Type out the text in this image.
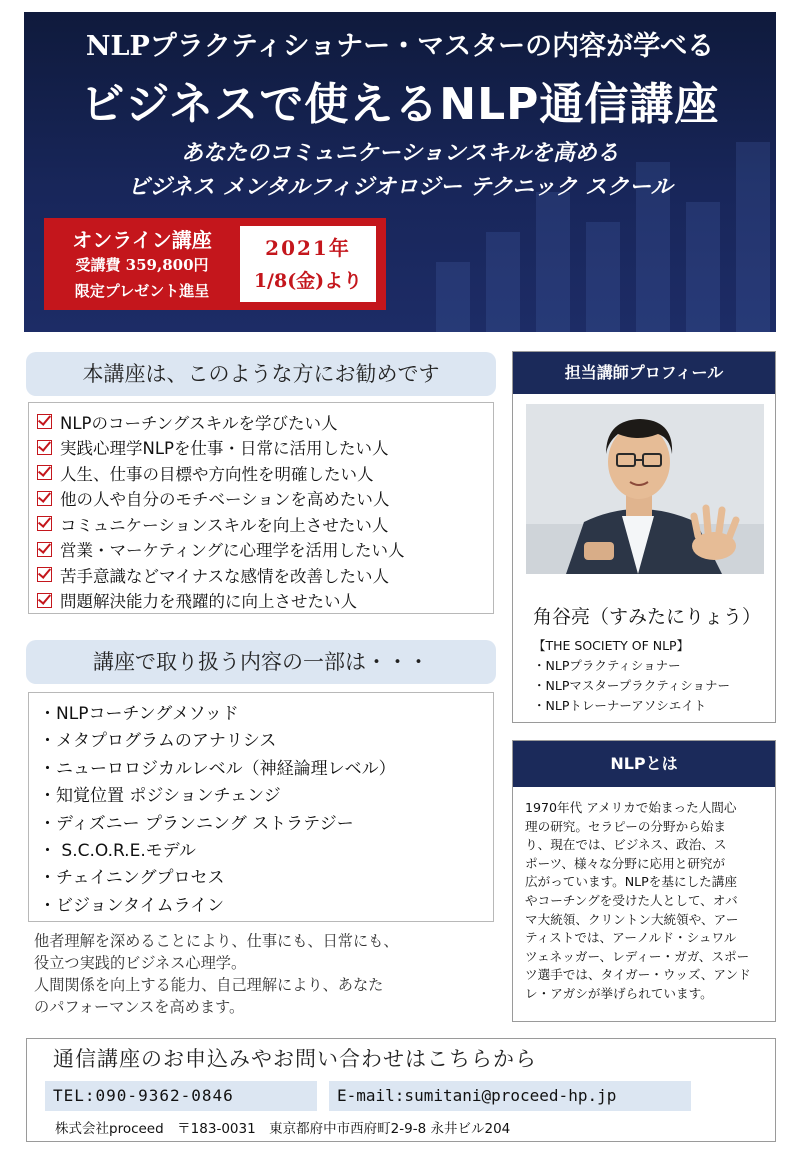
NLPプラクティショナー・マスターの内容が学べる
ビジネスで使えるNLP通信講座
あなたのコミュニケーションスキルを高める
ビジネス メンタルフィジオロジー テクニック スクール
オンライン講座
受講費 359,800円
限定プレゼント進呈
2021年
1/8(金)より
本講座は、このような方にお勧めです
NLPのコーチングスキルを学びたい人
実践心理学NLPを仕事・日常に活用したい人
人生、仕事の目標や方向性を明確したい人
他の人や自分のモチベーションを高めたい人
コミュニケーションスキルを向上させたい人
営業・マーケティングに心理学を活用したい人
苦手意識などマイナスな感情を改善したい人
問題解決能力を飛躍的に向上させたい人
講座で取り扱う内容の一部は・・・
・NLPコーチングメソッド
・メタプログラムのアナリシス
・ニューロロジカルレベル（神経論理レベル）
・知覚位置 ポジションチェンジ
・ディズニー プランニング ストラテジー
・ S.C.O.R.E.モデル
・チェイニングプロセス
・ビジョンタイムライン

他者理解を深めることにより、仕事にも、日常にも、

役立つ実践的ビジネス心理学。

人間関係を向上する能力、自己理解により、あなた

のパフォーマンスを高めます。

担当講師プロフィール
角谷亮（すみたにりょう）
【THE SOCIETY OF NLP】
・NLPプラクティショナー
・NLPマスタープラクティショナー
・NLPトレーナーアソシエイト
NLPとは

1970年代 アメリカで始まった人間心

理の研究。セラピーの分野から始ま

り、現在では、ビジネス、政治、ス

ポーツ、様々な分野に応用と研究が

広がっています。NLPを基にした講座

やコーチングを受けた人として、オバ

マ大統領、クリントン大統領や、アー

ティストでは、アーノルド・シュワル

ツェネッガー、レディー・ガガ、スポー

ツ選手では、タイガー・ウッズ、アンド

レ・アガシが挙げられています。

通信講座のお申込みやお問い合わせはこちらから
TEL:090-9362-0846	E-mail:sumitani@proceed-hp.jp
株式会社proceed　〒183-0031　東京都府中市西府町2-9-8 永井ビル204
